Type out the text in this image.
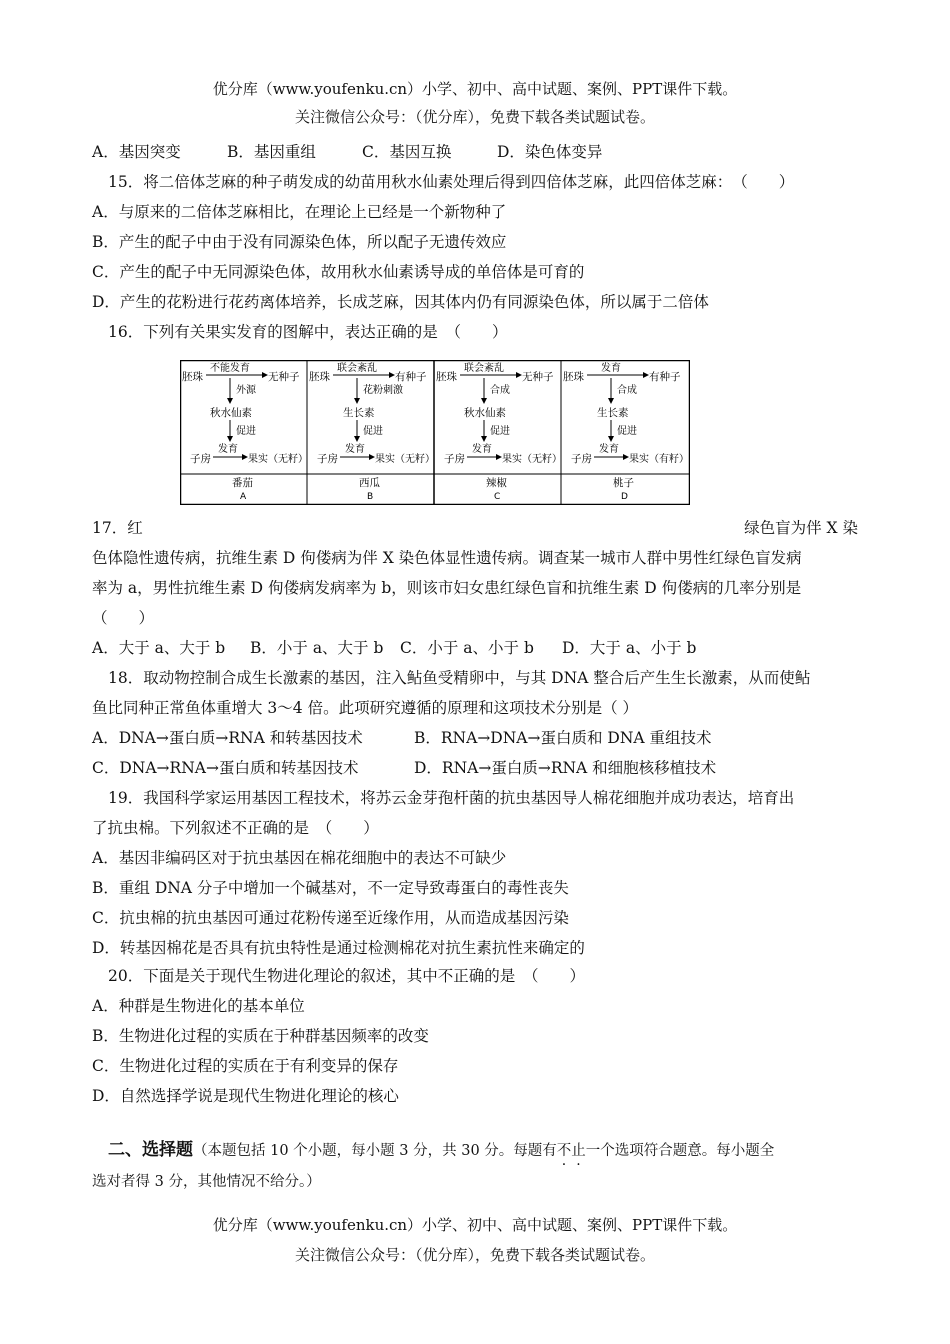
优分库（www.youfenku.cn）小学、初中、高中试题、案例、PPT课件下载。
关注微信公众号：（优分库），免费下载各类试题试卷。
A．基因突变	B．基因重组	C．基因互换	D．染色体变异
15．将二倍体芝麻的种子萌发成的幼苗用秋水仙素处理后得到四倍体芝麻，此四倍体芝麻：　（　　）
A．与原来的二倍体芝麻相比，在理论上已经是一个新物种了
B．产生的配子中由于没有同源染色体，所以配子无遗传效应
C．产生的配子中无同源染色体，故用秋水仙素诱导成的单倍体是可育的
D．产生的花粉进行花药离体培养，长成芝麻，因其体内仍有同源染色体，所以属于二倍体
16．下列有关果实发育的图解中，表达正确的是　（　　）
胚珠
不能发育
无种子
外源
秋水仙素
促进
子房
发育
果实（无籽）
番茄
A
胚珠
联会紊乱
有种子
花粉刺激
生长素
促进
子房
发育
果实（无籽）
西瓜
B
胚珠
联会紊乱
无种子
合成
秋水仙素
促进
子房
发育
果实（无籽）
辣椒
C
胚珠
发育
有种子
合成
生长素
促进
子房
发育
果实（有籽）
桃子
D
17．红	绿色盲为伴 X 染
色体隐性遗传病，抗维生素 D 佝偻病为伴 X 染色体显性遗传病。调查某一城市人群中男性红绿色盲发病
率为 a，男性抗维生素 D 佝偻病发病率为 b，则该市妇女患红绿色盲和抗维生素 D 佝偻病的几率分别是
（　　）
A．大于 a、大于 b B．小于 a、大于 b C．小于 a、小于 b D．大于 a、小于 b
18．取动物控制合成生长激素的基因，注入鲇鱼受精卵中，与其 DNA 整合后产生生长激素，从而使鲇
鱼比同种正常鱼体重增大 3～4 倍。此项研究遵循的原理和这项技术分别是（ ）
A．DNA→蛋白质→RNA 和转基因技术	B．RNA→DNA→蛋白质和 DNA 重组技术
C．DNA→RNA→蛋白质和转基因技术	D．RNA→蛋白质→RNA 和细胞核移植技术
19．我国科学家运用基因工程技术，将苏云金芽孢杆菌的抗虫基因导人棉花细胞并成功表达，培育出
了抗虫棉。下列叙述不正确的是　（　　）
A．基因非编码区对于抗虫基因在棉花细胞中的表达不可缺少
B．重组 DNA 分子中增加一个碱基对，不一定导致毒蛋白的毒性丧失
C．抗虫棉的抗虫基因可通过花粉传递至近缘作用，从而造成基因污染
D．转基因棉花是否具有抗虫特性是通过检测棉花对抗生素抗性来确定的
20．下面是关于现代生物进化理论的叙述，其中不正确的是　（　　）
A．种群是生物进化的基本单位
B．生物进化过程的实质在于种群基因频率的改变
C．生物进化过程的实质在于有利变异的保存
D．自然选择学说是现代生物进化理论的核心
二、选择题（本题包括 10 个小题，每小题 3 分，共 30 分。每题有不止一个选项符合题意。每小题全
选对者得 3 分，其他情况不给分。）
优分库（www.youfenku.cn）小学、初中、高中试题、案例、PPT课件下载。
关注微信公众号：（优分库），免费下载各类试题试卷。
